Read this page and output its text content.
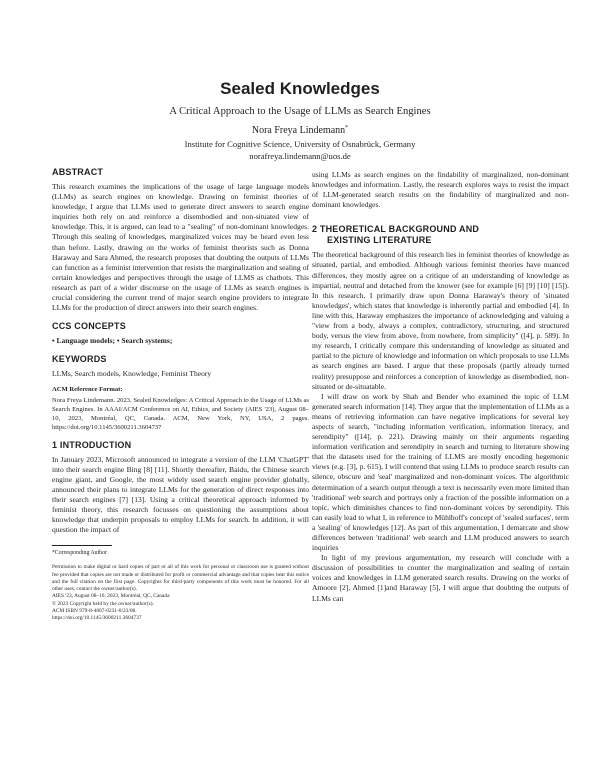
Sealed Knowledges
A Critical Approach to the Usage of LLMs as Search Engines
Nora Freya Lindemann*
Institute for Cognitive Science, University of Osnabrück, Germany
norafreya.lindemann@uos.de
ABSTRACT

This research examines the implications of the usage of large language models (LLMs) as search engines on knowledge. Drawing on feminist theories of knowledge, I argue that LLMs used to generate direct answers to search engine inquiries both rely on and reinforce a disembodied and non-situated view of knowledge. This, it is argued, can lead to a "sealing" of non-dominant knowledges. Through this sealing of knowledges, marginalized voices may be heard even less than before. Lastly, drawing on the works of feminist theorists such as Donna Haraway and Sara Ahmed, the research proposes that doubting the outputs of LLMs can function as a feminist intervention that resists the marginalization and sealing of certain knowledges and perspectives through the usage of LLMS as chatbots. This research as part of a wider discourse on the usage of LLMs as search engines is crucial considering the current trend of major search engine providers to integrate LLMs for the production of direct answers into their search engines.

CCS CONCEPTS
• Language models; • Search systems;
KEYWORDS

LLMs, Search models, Knowledge, Feminist Theory

ACM Reference Format:
Nora Freya Lindemann. 2023. Sealed Knowledges: A Critical Approach to the Usage of LLMs as Search Engines. In AAAI/ACM Conference on AI, Ethics, and Society (AIES '23), August 08–10, 2023, Montréal, QC, Canada. ACM, New York, NY, USA, 2 pages. https://doi.org/10.1145/3600211.3604737
1 INTRODUCTION

In January 2023, Microsoft announced to integrate a version of the LLM 'ChatGPT' into their search engine Bing [8] [11]. Shortly thereafter, Baidu, the Chinese search engine giant, and Google, the most widely used search engine provider globally, announced their plans to integrate LLMs for the generation of direct responses into their search engines [7] [13]. Using a critical theoretical approach informed by feminist theory, this research focusses on questioning the assumptions about knowledge that underpin proposals to employ LLMs for search. In addition, it will question the impact of

*Corresponding Author
Permission to make digital or hard copies of part or all of this work for personal or classroom use is granted without fee provided that copies are not made or distributed for profit or commercial advantage and that copies bear this notice and the full citation on the first page. Copyrights for third-party components of this work must be honored. For all other uses, contact the owner/author(s).
AIES '23, August 08–10, 2023, Montréal, QC, Canada
© 2023 Copyright held by the owner/author(s).
ACM ISBN 979-8-4007-0231-0/23/08.
https://doi.org/10.1145/3600211.3604737

using LLMs as search engines on the findability of marginalized, non-dominant knowledges and information. Lastly, the research explores ways to resist the impact of LLM-generated search results on the findability of marginalized and non-dominant knowledges.

2 THEORETICAL BACKGROUND AND
EXISTING LITERATURE

The theoretical background of this research lies in feminist theories of knowledge as situated, partial, and embodied. Although various feminist theories have nuanced differences, they mostly agree on a critique of an understanding of knowledge as impartial, neutral and detached from the knower (see for example [6] [9] [10] [15]). In this research, I primarily draw upon Donna Haraway's theory of 'situated knowledges', which states that knowledge is inherently partial and embodied [4]. In line with this, Haraway emphasizes the importance of acknowledging and valuing a "view from a body, always a complex, contradictory, structuring, and structured body, versus the view from above, from nowhere, from simplicity" ([4], p. 589). In my research, I critically compare this understanding of knowledge as situated and partial to the picture of knowledge and information on which proposals to use LLMs as search engines are based. I argue that these proposals (partly already turned reality) presuppose and reinforces a conception of knowledge as disembodied, non-situated or de-situatable.

I will draw on work by Shah and Bender who examined the topic of LLM generated search information [14]. They argue that the implementation of LLMs as a means of retrieving information can have negative implications for several key aspects of search, "including information verification, information literacy, and serendipity" ([14], p. 221). Drawing mainly on their arguments regarding information verification and serendipity in search and turning to literature showing that the datasets used for the training of LLMS are mostly encoding hegemonic views (e.g. [3], p. 615), I will contend that using LLMs to produce search results can silence, obscure and 'seal' marginalized and non-dominant voices. The algorithmic determination of a search output through a text is necessarily even more limited than 'traditional' web search and portrays only a fraction of the possible information on a topic, which diminishes chances to find non-dominant voices by serendipity. This can easily lead to what I, in reference to Mühlhoff's concept of 'sealed surfaces', term a 'sealing' of knowledges [12]. As part of this argumentation, I demarcate and show differences between 'traditional' web search and LLM produced answers to search inquiries

In light of my previous argumentation, my research will conclude with a discussion of possibilities to counter the marginalization and sealing of certain voices and knowledges in LLM generated search results. Drawing on the works of Amoore [2], Ahmed [1]and Haraway [5], I will argue that doubting the outputs of LLMs can
